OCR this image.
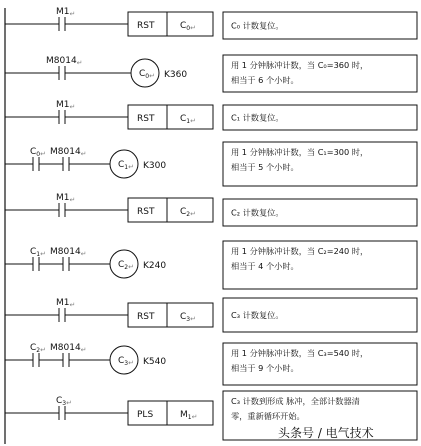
C₀ 计数复位。
$M1_↵$
RST	$C_0↵$
用 1 分钟脉冲计数，当 C₀=360 时，
相当于 6 个小时。
$M8014_↵$
$C_0↵$ K360
C₁ 计数复位。
$M1_↵$
RST	$C_1↵$
用 1 分钟脉冲计数，当 C₁=300 时，
相当于 5 个小时。
$C_0↵$ $M8014_↵$
$C_1↵$ K300
C₂ 计数复位。
$M1_↵$
RST	$C_2↵$
用 1 分钟脉冲计数，当 C₂=240 时，
相当于 4 个小时。
$C_1↵$ $M8014_↵$
$C_2↵$ K240
C₃ 计数复位。
$M1_↵$
RST	$C_3↵$
用 1 分钟脉冲计数，当 C₃=540 时，
相当于 9 个小时。
$C_2↵$ $M8014_↵$
$C_3↵$ K540
C₃ 计数到形成 脉冲，全部计数器清
零，重新循环开始。
$C_3↵$
PLS	$M_1↵$
头条号 / 电气技术
